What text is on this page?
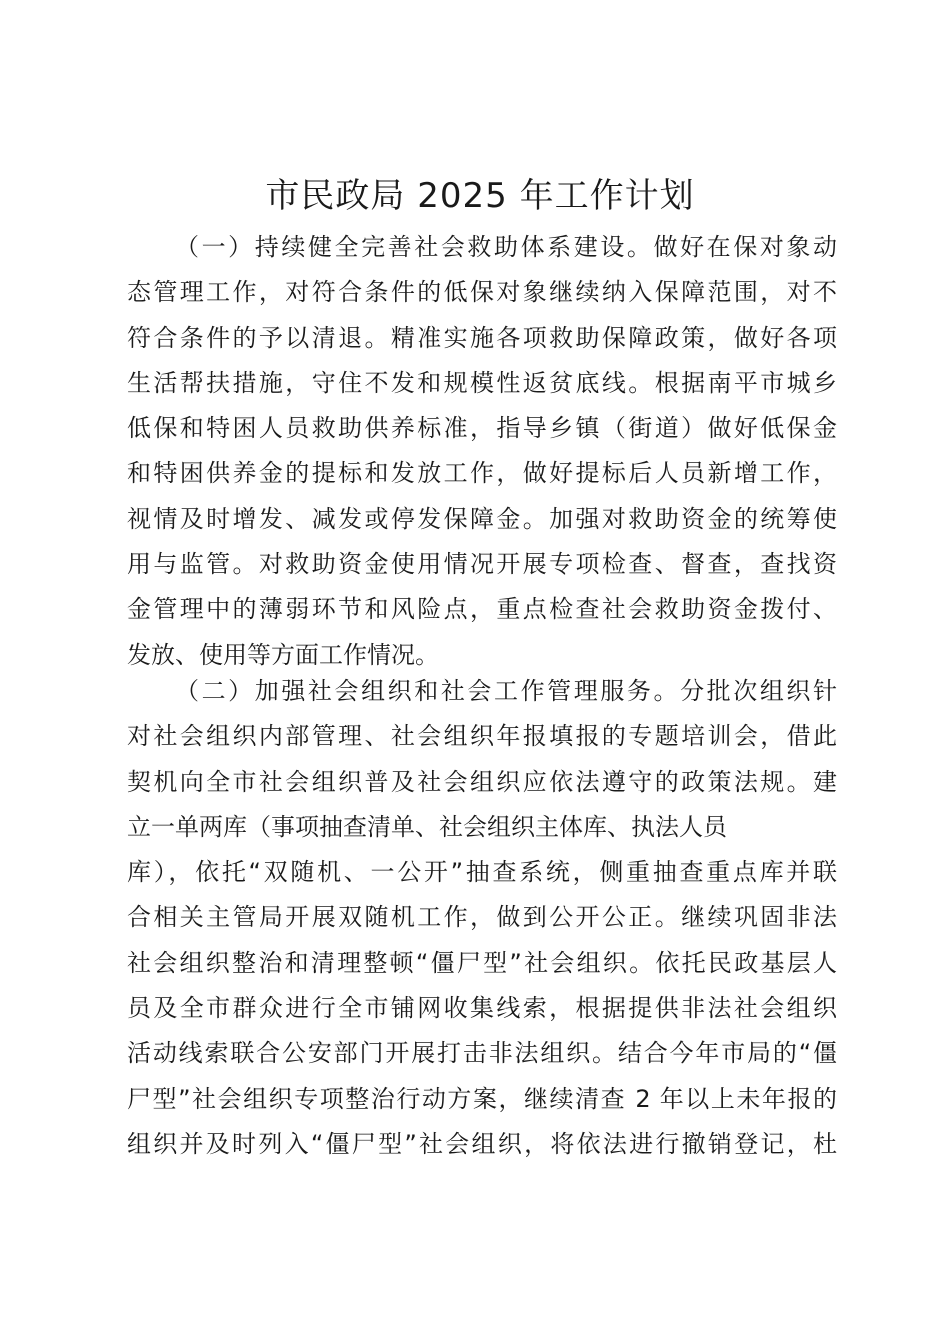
市民政局 2025 年工作计划
（一）持续健全完善社会救助体系建设。做好在保对象动
态管理工作，对符合条件的低保对象继续纳入保障范围，对不
符合条件的予以清退。精准实施各项救助保障政策，做好各项
生活帮扶措施，守住不发和规模性返贫底线。根据南平市城乡
低保和特困人员救助供养标准，指导乡镇（街道）做好低保金
和特困供养金的提标和发放工作，做好提标后人员新增工作，
视情及时增发、减发或停发保障金。加强对救助资金的统筹使
用与监管。对救助资金使用情况开展专项检查、督查，查找资
金管理中的薄弱环节和风险点，重点检查社会救助资金拨付、
发放、使用等方面工作情况。
（二）加强社会组织和社会工作管理服务。分批次组织针
对社会组织内部管理、社会组织年报填报的专题培训会，借此
契机向全市社会组织普及社会组织应依法遵守的政策法规。建
立一单两库（事项抽查清单、社会组织主体库、执法人员
库），依托“双随机、一公开”抽查系统，侧重抽查重点库并联
合相关主管局开展双随机工作，做到公开公正。继续巩固非法
社会组织整治和清理整顿“僵尸型”社会组织。依托民政基层人
员及全市群众进行全市铺网收集线索，根据提供非法社会组织
活动线索联合公安部门开展打击非法组织。结合今年市局的“僵
尸型”社会组织专项整治行动方案，继续清查 2 年以上未年报的
组织并及时列入“僵尸型”社会组织，将依法进行撤销登记，杜
